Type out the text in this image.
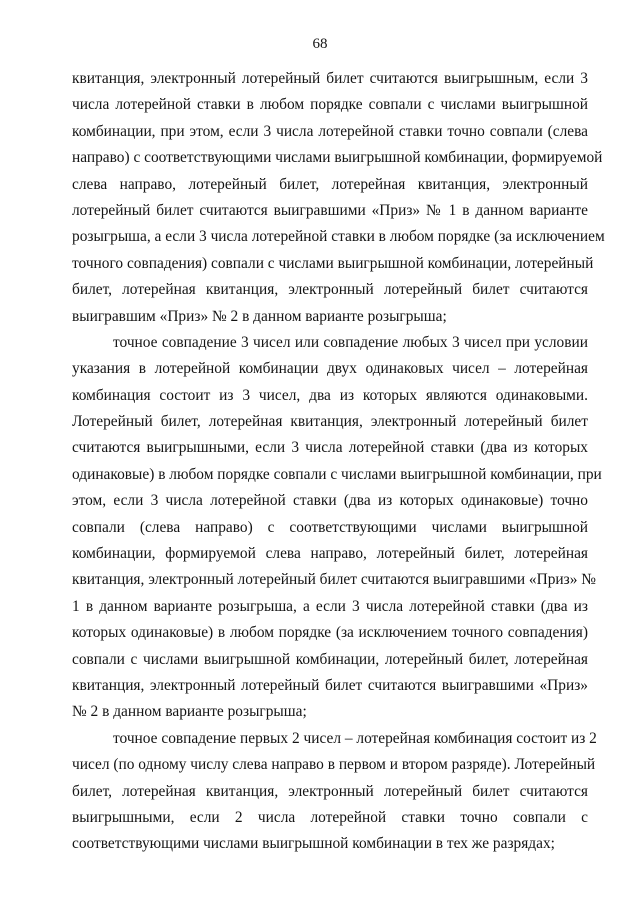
68

квитанция, электронный лотерейный билет считаются выигрышным, если 3
числа лотерейной ставки в любом порядке совпали с числами выигрышной
комбинации, при этом, если 3 числа лотерейной ставки точно совпали (слева
направо) с соответствующими числами выигрышной комбинации, формируемой
слева направо, лотерейный билет, лотерейная квитанция, электронный
лотерейный билет считаются выигравшими «Приз» № 1 в данном варианте
розыгрыша, а если 3 числа лотерейной ставки в любом порядке (за исключением
точного совпадения) совпали с числами выигрышной комбинации, лотерейный
билет, лотерейная квитанция, электронный лотерейный билет считаются
выигравшим «Приз» № 2 в данном варианте розыгрыша;

точное совпадение 3 чисел или совпадение любых 3 чисел при условии
указания в лотерейной комбинации двух одинаковых чисел – лотерейная
комбинация состоит из 3 чисел, два из которых являются одинаковыми.
Лотерейный билет, лотерейная квитанция, электронный лотерейный билет
считаются выигрышными, если 3 числа лотерейной ставки (два из которых
одинаковые) в любом порядке совпали с числами выигрышной комбинации, при
этом, если 3 числа лотерейной ставки (два из которых одинаковые) точно
совпали (слева направо) с соответствующими числами выигрышной
комбинации, формируемой слева направо, лотерейный билет, лотерейная
квитанция, электронный лотерейный билет считаются выигравшими «Приз» №
1 в данном варианте розыгрыша, а если 3 числа лотерейной ставки (два из
которых одинаковые) в любом порядке (за исключением точного совпадения)
совпали с числами выигрышной комбинации, лотерейный билет, лотерейная
квитанция, электронный лотерейный билет считаются выигравшими «Приз»
№ 2 в данном варианте розыгрыша;

точное совпадение первых 2 чисел – лотерейная комбинация состоит из 2
чисел (по одному числу слева направо в первом и втором разряде). Лотерейный
билет, лотерейная квитанция, электронный лотерейный билет считаются
выигрышными, если 2 числа лотерейной ставки точно совпали с
соответствующими числами выигрышной комбинации в тех же разрядах;
